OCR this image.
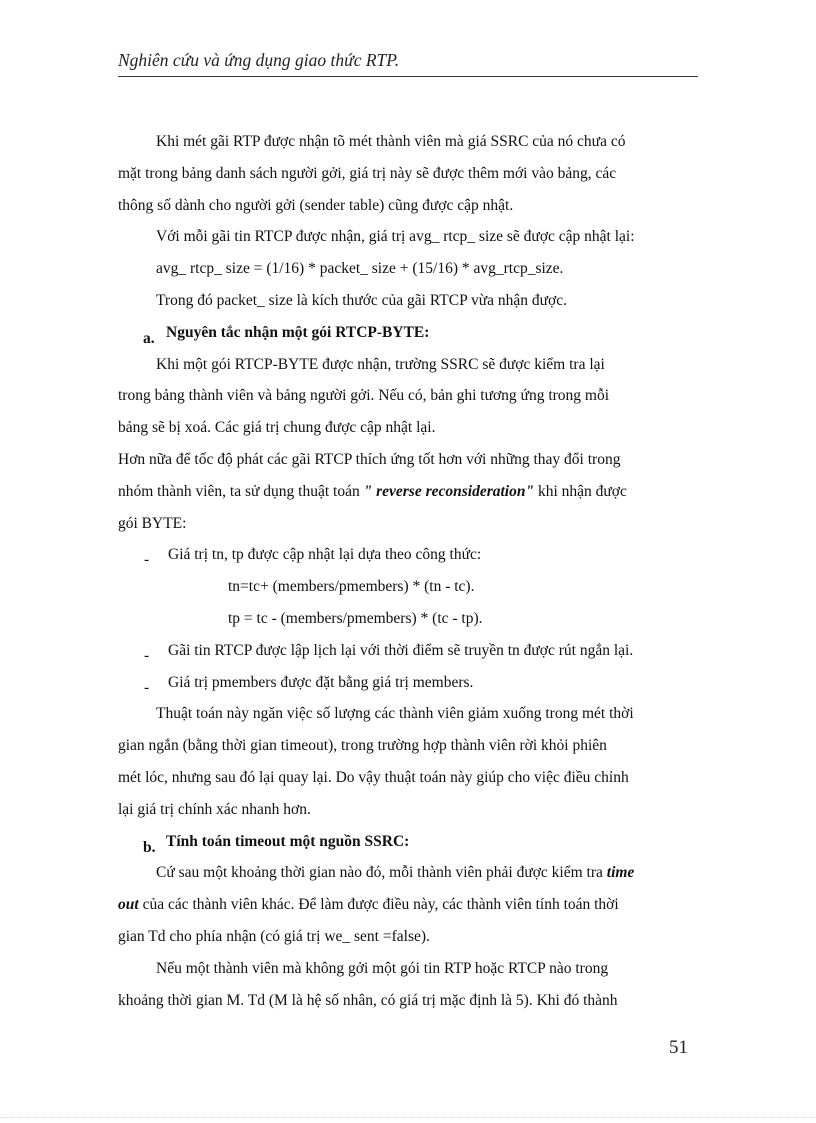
Nghiên cứu và ứng dụng giao thức RTP.

Khi mét gãi RTP được nhận tõ mét thành viên mà giá SSRC của nó chưa có

mặt trong bảng danh sách người gởi, giá trị này sẽ được thêm mới vào bảng, các

thông số dành cho người gởi (sender table) cũng được cập nhật.

Với mỗi gãi tin RTCP được nhận, giá trị avg_ rtcp_ size sẽ được cập nhật lại:

avg_ rtcp_ size = (1/16) * packet_ size + (15/16) * avg_rtcp_size.

Trong đó packet_ size là kích thước của gãi RTCP vừa nhận được.

a. Nguyên tắc nhận một gói RTCP-BYTE:

Khi một gói RTCP-BYTE được nhận, trường SSRC sẽ được kiểm tra lại

trong bảng thành viên và bảng người gởi. Nếu có, bản ghi tương ứng trong mỗi

bảng sẽ bị xoá. Các giá trị chung được cập nhật lại.

Hơn nữa để tốc độ phát các gãi RTCP thích ứng tốt hơn với những thay đổi trong

nhóm thành viên, ta sử dụng thuật toán " reverse reconsideration" khi nhận được

gói BYTE:

- Giá trị tn, tp được cập nhật lại dựa theo công thức:

tn=tc+ (members/pmembers) * (tn - tc).

tp = tc - (members/pmembers) * (tc - tp).

- Gãi tin RTCP được lập lịch lại với thời điểm sẽ truyền tn được rút ngắn lại.

- Giá trị pmembers được đặt bằng giá trị members.

Thuật toán này ngăn việc số lượng các thành viên giảm xuống trong mét thời

gian ngắn (bằng thời gian timeout), trong trường hợp thành viên rời khỏi phiên

mét lóc, nhưng sau đó lại quay lại. Do vậy thuật toán này giúp cho việc điều chỉnh

lại giá trị chính xác nhanh hơn.

b. Tính toán timeout một nguồn SSRC:

Cứ sau một khoảng thời gian nào đó, mỗi thành viên phải được kiểm tra time

out của các thành viên khác. Để làm được điều này, các thành viên tính toán thời

gian Td cho phía nhận (có giá trị we_ sent =false).

Nếu một thành viên mà không gởi một gói tin RTP hoặc RTCP nào trong

khoảng thời gian M. Td (M là hệ số nhân, có giá trị mặc định là 5). Khi đó thành

51
